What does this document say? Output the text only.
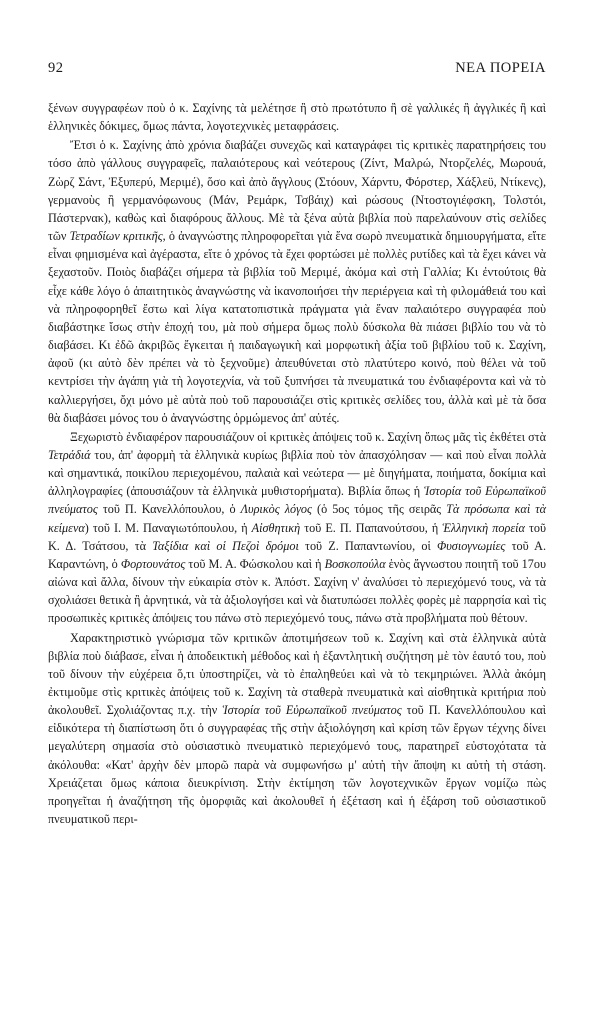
92	ΝΕΑ ΠΟΡΕΙΑ

ξένων συγγραφέων ποὺ ὁ κ. Σαχίνης τὰ μελέτησε ἢ στὸ πρωτότυπο ἢ σὲ γαλλικές ἢ ἀγγλικές ἢ καὶ ἑλληνικὲς δόκιμες, ὅμως πάντα, λογοτεχνικὲς μεταφράσεις.

Ἔτσι ὁ κ. Σαχίνης ἀπὸ χρόνια διαβάζει συνεχῶς καὶ καταγράφει τὶς κριτικὲς παρατηρήσεις του τόσο ἀπὸ γάλλους συγγραφεῖς, παλαιότερους καὶ νεότερους (Ζίντ, Μαλρώ, Ντορζελές, Μωρουά, Ζὼρζ Σάντ, Ἐξυπερύ, Μεριμέ), ὅσο καὶ ἀπὸ ἄγγλους (Στόουν, Χάρντυ, Φόρστερ, Χάξλεϋ, Ντίκενς), γερμανοὺς ἢ γερμανόφωνους (Μάν, Ρεμάρκ, Τσβάιχ) καὶ ρώσους (Ντοστογιέφσκη, Τολστόι, Πάστερνακ), καθὼς καὶ διαφόρους ἄλλους. Μὲ τὰ ξένα αὐτὰ βιβλία ποὺ παρελαύνουν στὶς σελίδες τῶν Τετραδίων κριτικῆς, ὁ ἀναγνώστης πληροφορεῖται γιὰ ἕνα σωρὸ πνευματικὰ δημιουργήματα, εἴτε εἶναι φημισμένα καὶ ἀγέραστα, εἴτε ὁ χρόνος τὰ ἔχει φορτώσει μὲ πολλὲς ρυτίδες καὶ τὰ ἔχει κάνει νὰ ξεχαστοῦν. Ποιὸς διαβάζει σήμερα τὰ βιβλία τοῦ Μεριμέ, ἀκόμα καὶ στὴ Γαλλία; Κι ἐντούτοις θὰ εἶχε κάθε λόγο ὁ ἀπαιτητικὸς ἀναγνώστης νὰ ἱκανοποιήσει τὴν περιέργεια καὶ τὴ φιλομάθειά του καὶ νὰ πληροφορηθεῖ ἔστω καὶ λίγα κατατοπιστικὰ πράγματα γιὰ ἕναν παλαιότερο συγγραφέα ποὺ διαβάστηκε ἴσως στὴν ἐποχή του, μὰ ποὺ σήμερα ὅμως πολὺ δύσκολα θὰ πιάσει βιβλίο του νὰ τὸ διαβάσει. Κι ἐδῶ ἀκριβῶς ἔγκειται ἡ παιδαγωγικὴ καὶ μορφωτικὴ ἀξία τοῦ βιβλίου τοῦ κ. Σαχίνη, ἀφοῦ (κι αὐτὸ δὲν πρέπει νὰ τὸ ξεχνοῦμε) ἀπευθύνεται στὸ πλατύτερο κοινό, ποὺ θέλει νὰ τοῦ κεντρίσει τὴν ἀγάπη γιὰ τὴ λογοτεχνία, νὰ τοῦ ξυπνήσει τὰ πνευματικά του ἐνδιαφέροντα καὶ νὰ τὸ καλλιεργήσει, ὄχι μόνο μὲ αὐτὰ ποὺ τοῦ παρουσιάζει στὶς κριτικὲς σελίδες του, ἀλλὰ καὶ μὲ τὰ ὅσα θὰ διαβάσει μόνος του ὁ ἀναγνώστης ὁρμώμενος ἀπ' αὐτές.

Ξεχωριστὸ ἐνδιαφέρον παρουσιάζουν οἱ κριτικὲς ἀπόψεις τοῦ κ. Σαχίνη ὅπως μᾶς τὶς ἐκθέτει στὰ Τετράδιά του, ἀπ' ἀφορμὴ τὰ ἑλληνικὰ κυρίως βιβλία ποὺ τὸν ἀπασχόλησαν — καὶ ποὺ εἶναι πολλὰ καὶ σημαντικά, ποικίλου περιεχομένου, παλαιὰ καὶ νεώτερα — μὲ διηγήματα, ποιήματα, δοκίμια καὶ ἀλληλογραφίες (ἀπουσιάζουν τὰ ἑλληνικὰ μυθιστορήματα). Βιβλία ὅπως ἡ Ἱστορία τοῦ Εὐρωπαϊκοῦ πνεύματος τοῦ Π. Κανελλόπουλου, ὁ Λυρικὸς λόγος (ὁ 5ος τόμος τῆς σειρᾶς Τὰ πρόσωπα καὶ τὰ κείμενα) τοῦ Ι. Μ. Παναγιωτόπουλου, ἡ Αἰσθητικὴ τοῦ Ε. Π. Παπανούτσου, ἡ Ἑλληνικὴ πορεία τοῦ Κ. Δ. Τσάτσου, τὰ Ταξίδια καὶ οἱ Πεζοὶ δρόμοι τοῦ Ζ. Παπαντωνίου, οἱ Φυσιογνωμίες τοῦ Α. Καραντώνη, ὁ Φορτουνάτος τοῦ Μ. Α. Φώσκολου καὶ ἡ Βοσκοπούλα ἑνὸς ἄγνωστου ποιητῆ τοῦ 17ου αἰώνα καὶ ἄλλα, δίνουν τὴν εὐκαιρία στὸν κ. Ἀπόστ. Σαχίνη ν' ἀναλύσει τὸ περιεχόμενό τους, νὰ τὰ σχολιάσει θετικὰ ἢ ἀρνητικά, νὰ τὰ ἀξιολογήσει καὶ νὰ διατυπώσει πολλὲς φορὲς μὲ παρρησία καὶ τὶς προσωπικὲς κριτικὲς ἀπόψεις του πάνω στὸ περιεχόμενό τους, πάνω στὰ προβλήματα ποὺ θέτουν.

Χαρακτηριστικὸ γνώρισμα τῶν κριτικῶν ἀποτιμήσεων τοῦ κ. Σαχίνη καὶ στὰ ἑλληνικὰ αὐτὰ βιβλία ποὺ διάβασε, εἶναι ἡ ἀποδεικτικὴ μέθοδος καὶ ἡ ἐξαντλητικὴ συζήτηση μὲ τὸν ἑαυτό του, ποὺ τοῦ δίνουν τὴν εὐχέρεια ὅ,τι ὑποστηρίζει, νὰ τὸ ἐπαληθεύει καὶ νὰ τὸ τεκμηριώνει. Ἀλλὰ ἀκόμη ἐκτιμοῦμε στὶς κριτικὲς ἀπόψεις τοῦ κ. Σαχίνη τὰ σταθερὰ πνευματικὰ καὶ αἰσθητικὰ κριτήρια ποὺ ἀκολουθεῖ. Σχολιάζοντας π.χ. τὴν Ἱστορία τοῦ Εὐρωπαϊκοῦ πνεύματος τοῦ Π. Κανελλόπουλου καὶ εἰδικότερα τὴ διαπίστωση ὅτι ὁ συγγραφέας τῆς στὴν ἀξιολόγηση καὶ κρίση τῶν ἔργων τέχνης δίνει μεγαλύτερη σημασία στὸ οὐσιαστικὸ πνευματικὸ περιεχόμενό τους, παρατηρεῖ εὐστοχότατα τὰ ἀκόλουθα: «Κατ' ἀρχὴν δὲν μπορῶ παρὰ νὰ συμφωνήσω μ' αὐτὴ τὴν ἄποψη κι αὐτὴ τὴ στάση. Χρειάζεται ὅμως κάποια διευκρίνιση. Στὴν ἐκτίμηση τῶν λογοτεχνικῶν ἔργων νομίζω πὼς προηγεῖται ἡ ἀναζήτηση τῆς ὀμορφιᾶς καὶ ἀκολουθεῖ ἡ ἐξέταση καὶ ἡ ἐξάρση τοῦ οὐσιαστικοῦ πνευματικοῦ περι-
